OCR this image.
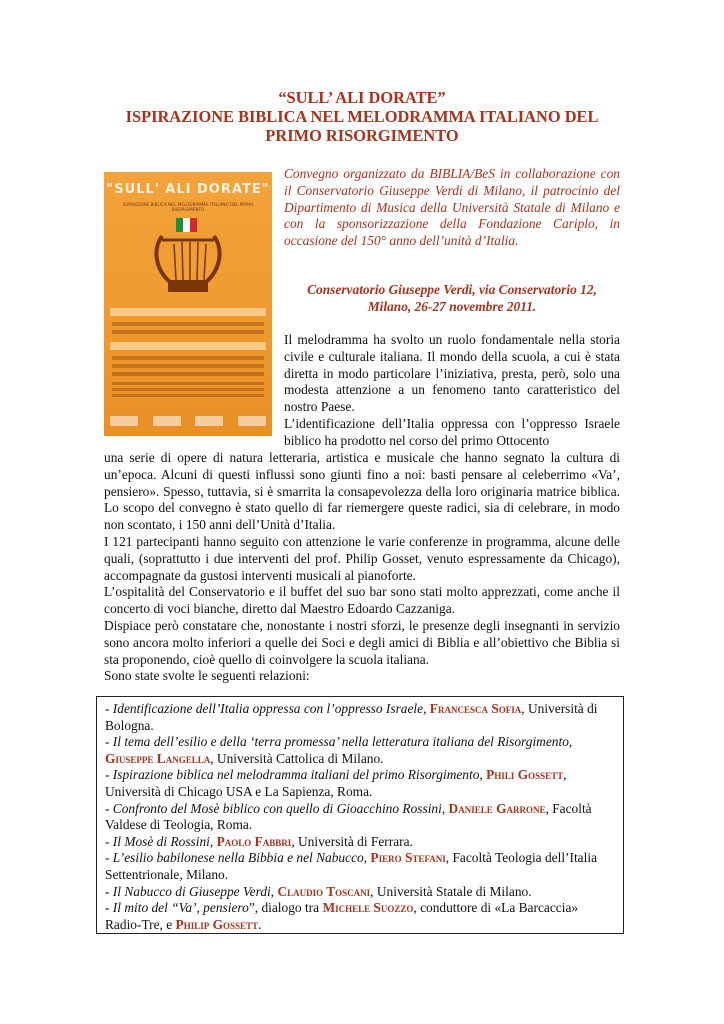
“SULL’ ALI DORATE”
ISPIRAZIONE BIBLICA NEL MELODRAMMA ITALIANO DEL
PRIMO RISORGIMENTO
"SULL' ALI DORATE"
ISPIRAZIONE BIBLICA NEL MELODRAMMA ITALIANO DEL PRIMO RISORGIMENTO

Convegno organizzato da BIBLIA/BeS in collaborazione con il Conservatorio Giuseppe Verdi di Milano, il patrocinio del Dipartimento di Musica della Università Statale di Milano e con la sponsorizzazione della Fondazione Cariplo, in occasione del 150° anno dell’unità d’Italia.

Conservatorio Giuseppe Verdi, via Conservatorio 12,
Milano, 26-27 novembre 2011.

Il melodramma ha svolto un ruolo fondamentale nella storia civile e culturale italiana. Il mondo della scuola, a cui è stata diretta in modo particolare l’iniziativa, presta, però, solo una modesta attenzione a un fenomeno tanto caratteristico del nostro Paese.

L’identificazione dell’Italia oppressa con l’oppresso Israele biblico ha prodotto nel corso del primo Ottocento

una serie di opere di natura letteraria, artistica e musicale che hanno segnato la cultura di un’epoca. Alcuni di questi influssi sono giunti fino a noi: basti pensare al celeberrimo «Va’, pensiero». Spesso, tuttavia, si è smarrita la consapevolezza della loro originaria matrice biblica. Lo scopo del convegno è stato quello di far riemergere queste radici, sia di celebrare, in modo non scontato, i 150 anni dell’Unità d’Italia.

I 121 partecipanti hanno seguito con attenzione le varie conferenze in programma, alcune delle quali, (soprattutto i due interventi del prof. Philip Gosset, venuto espressamente da Chicago), accompagnate da gustosi interventi musicali al pianoforte.

L’ospitalità del Conservatorio e il buffet del suo bar sono stati molto apprezzati, come anche il concerto di voci bianche, diretto dal Maestro Edoardo Cazzaniga.

Dispiace però constatare che, nonostante i nostri sforzi, le presenze degli insegnanti in servizio sono ancora molto inferiori a quelle dei Soci e degli amici di Biblia e all’obiettivo che Biblia si sta proponendo, cioè quello di coinvolgere la scuola italiana.

Sono state svolte le seguenti relazioni:

- Identificazione dell’Italia oppressa con l’oppresso Israele, Francesca Sofia, Università di Bologna.
- Il tema dell’esilio e della ‘terra promessa’ nella letteratura italiana del Risorgimento, Giuseppe Langella, Università Cattolica di Milano.
- Ispirazione biblica nel melodramma italiani del primo Risorgimento, Phili Gossett, Università di Chicago USA e La Sapienza, Roma.
- Confronto del Mosè biblico con quello di Gioacchino Rossini, Daniele Garrone, Facoltà Valdese di Teologia, Roma.
- Il Mosè di Rossini, Paolo Fabbri, Università di Ferrara.
- L’esilio babilonese nella Bibbia e nel Nabucco, Piero Stefani, Facoltà Teologia dell’Italia Settentrionale, Milano.
- Il Nabucco di Giuseppe Verdi, Claudio Toscani, Università Statale di Milano.
- Il mito del “Va’, pensiero”, dialogo tra Michele Suozzo, conduttore di «La Barcaccia» Radio-Tre, e Philip Gossett.
